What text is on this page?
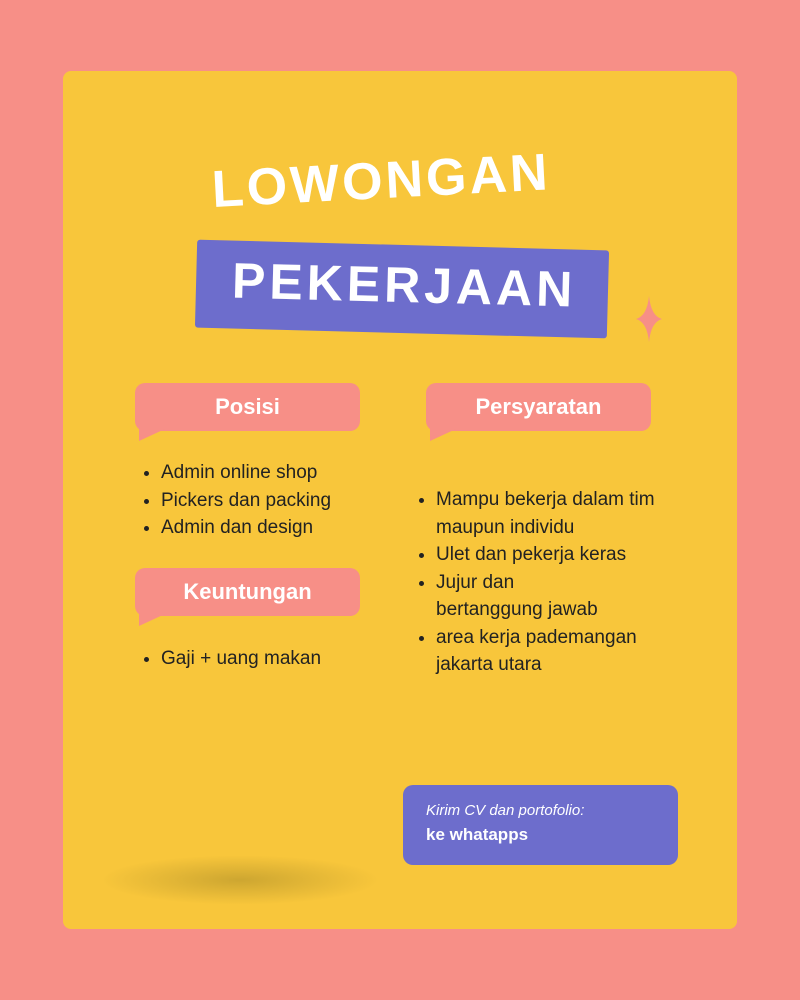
LOWONGAN
PEKERJAAN
Posisi
• Admin online shop
• Pickers dan packing
• Admin dan design
Keuntungan
• Gaji + uang makan
Persyaratan
• Mampu bekerja dalam tim maupun individu
• Ulet dan pekerja keras
• Jujur dan bertanggung jawab
• area kerja pademangan jakarta utara
Kirim CV dan portofolio:
ke whatapps
